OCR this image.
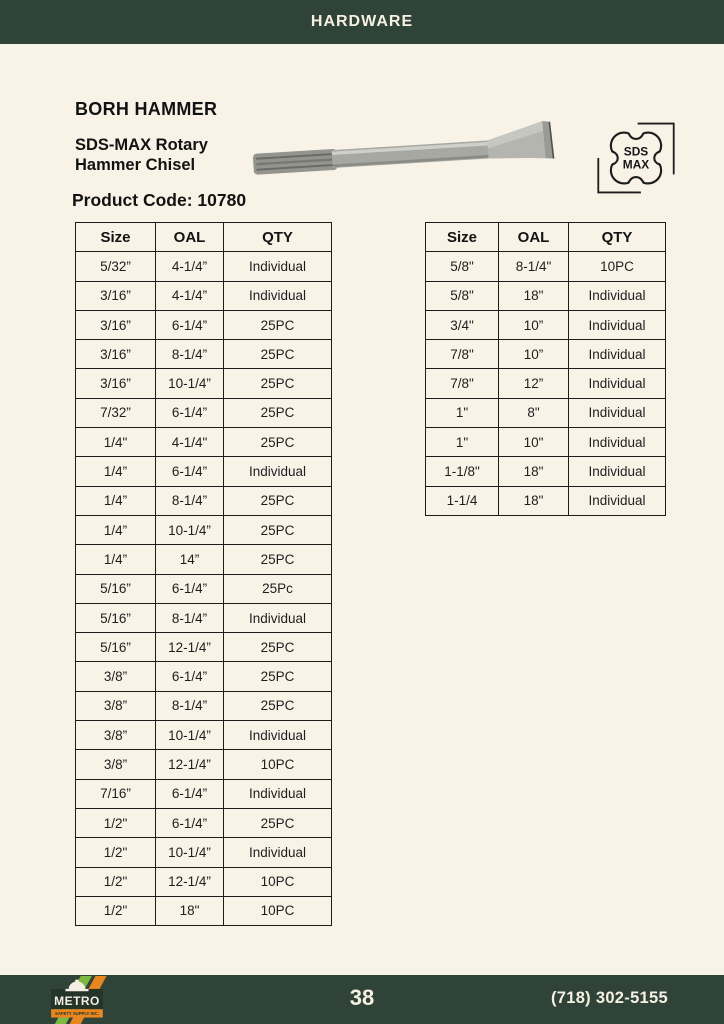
HARDWARE
BORH HAMMER
SDS-MAX Rotary
Hammer Chisel
Product Code: 10780
SDS
MAX
Size	OAL	QTY
5/32”	4-1/4”	Individual
3/16”	4-1/4”	Individual
3/16”	6-1/4”	25PC
3/16”	8-1/4”	25PC
3/16”	10-1/4”	25PC
7/32”	6-1/4”	25PC
1/4"	4-1/4"	25PC
1/4”	6-1/4”	Individual
1/4”	8-1/4”	25PC
1/4”	10-1/4”	25PC
1/4”	14”	25PC
5/16”	6-1/4”	25Pc
5/16”	8-1/4”	Individual
5/16”	12-1/4”	25PC
3/8”	6-1/4”	25PC
3/8”	8-1/4”	25PC
3/8”	10-1/4”	Individual
3/8”	12-1/4”	10PC
7/16”	6-1/4”	Individual
1/2"	6-1/4”	25PC
1/2"	10-1/4”	Individual
1/2"	12-1/4”	10PC
1/2"	18"	10PC
Size	OAL	QTY
5/8"	8-1/4"	10PC
5/8"	18"	Individual
3/4"	10”	Individual
7/8"	10”	Individual
7/8"	12”	Individual
1"	8"	Individual
1"	10"	Individual
1-1/8"	18"	Individual
1-1/4	18"	Individual
METRO
SAFETY SUPPLY INC.
38	(718) 302-5155
